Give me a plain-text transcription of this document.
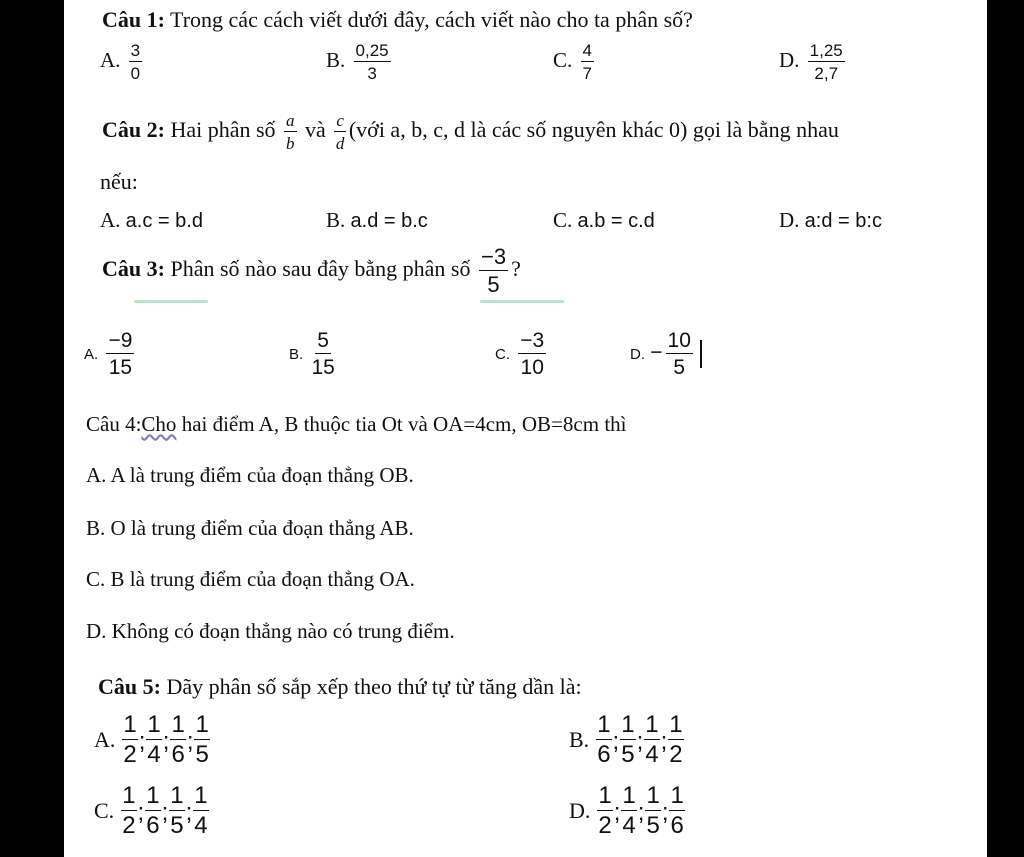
Câu 1: Trong các cách viết dưới đây, cách viết nào cho ta phân số?
A. $\frac{3}{0}$	B. $\frac{0,25}{3}$	C. $\frac{4}{7}$	D. $\frac{1,25}{2,7}$
Câu 2: Hai phân số $\frac{a}{b}$ và $\frac{c}{d}$ (với a, b, c, d là các số nguyên khác 0) gọi là bằng nhau
nếu:
A. a.c = b.d	B. a.d = b.c	C. a.b = c.d	D. a:d = b:c
Câu 3: Phân số nào sau đây bằng phân số $\frac{-3}{5}$ ?
A. $\frac{-9}{15}$	B. $\frac{5}{15}$	C. $\frac{-3}{10}$	D. − $\frac{10}{5}$
Câu 4:Cho hai điểm A, B thuộc tia Ot và OA=4cm, OB=8cm thì
A. A là trung điểm của đoạn thẳng OB.
B. O là trung điểm của đoạn thẳng AB.
C. B là trung điểm của đoạn thẳng OA.
D. Không có đoạn thẳng nào có trung điểm.
Câu 5: Dãy phân số sắp xếp theo thứ tự từ tăng dần là:
A. $\frac{1}{2}$ ; $\frac{1}{4}$ ; $\frac{1}{6}$ ; $\frac{1}{5}$	B. $\frac{1}{6}$ ; $\frac{1}{5}$ ; $\frac{1}{4}$ ; $\frac{1}{2}$
C. $\frac{1}{2}$ ; $\frac{1}{6}$ ; $\frac{1}{5}$ ; $\frac{1}{4}$	D. $\frac{1}{2}$ ; $\frac{1}{4}$ ; $\frac{1}{5}$ ; $\frac{1}{6}$
